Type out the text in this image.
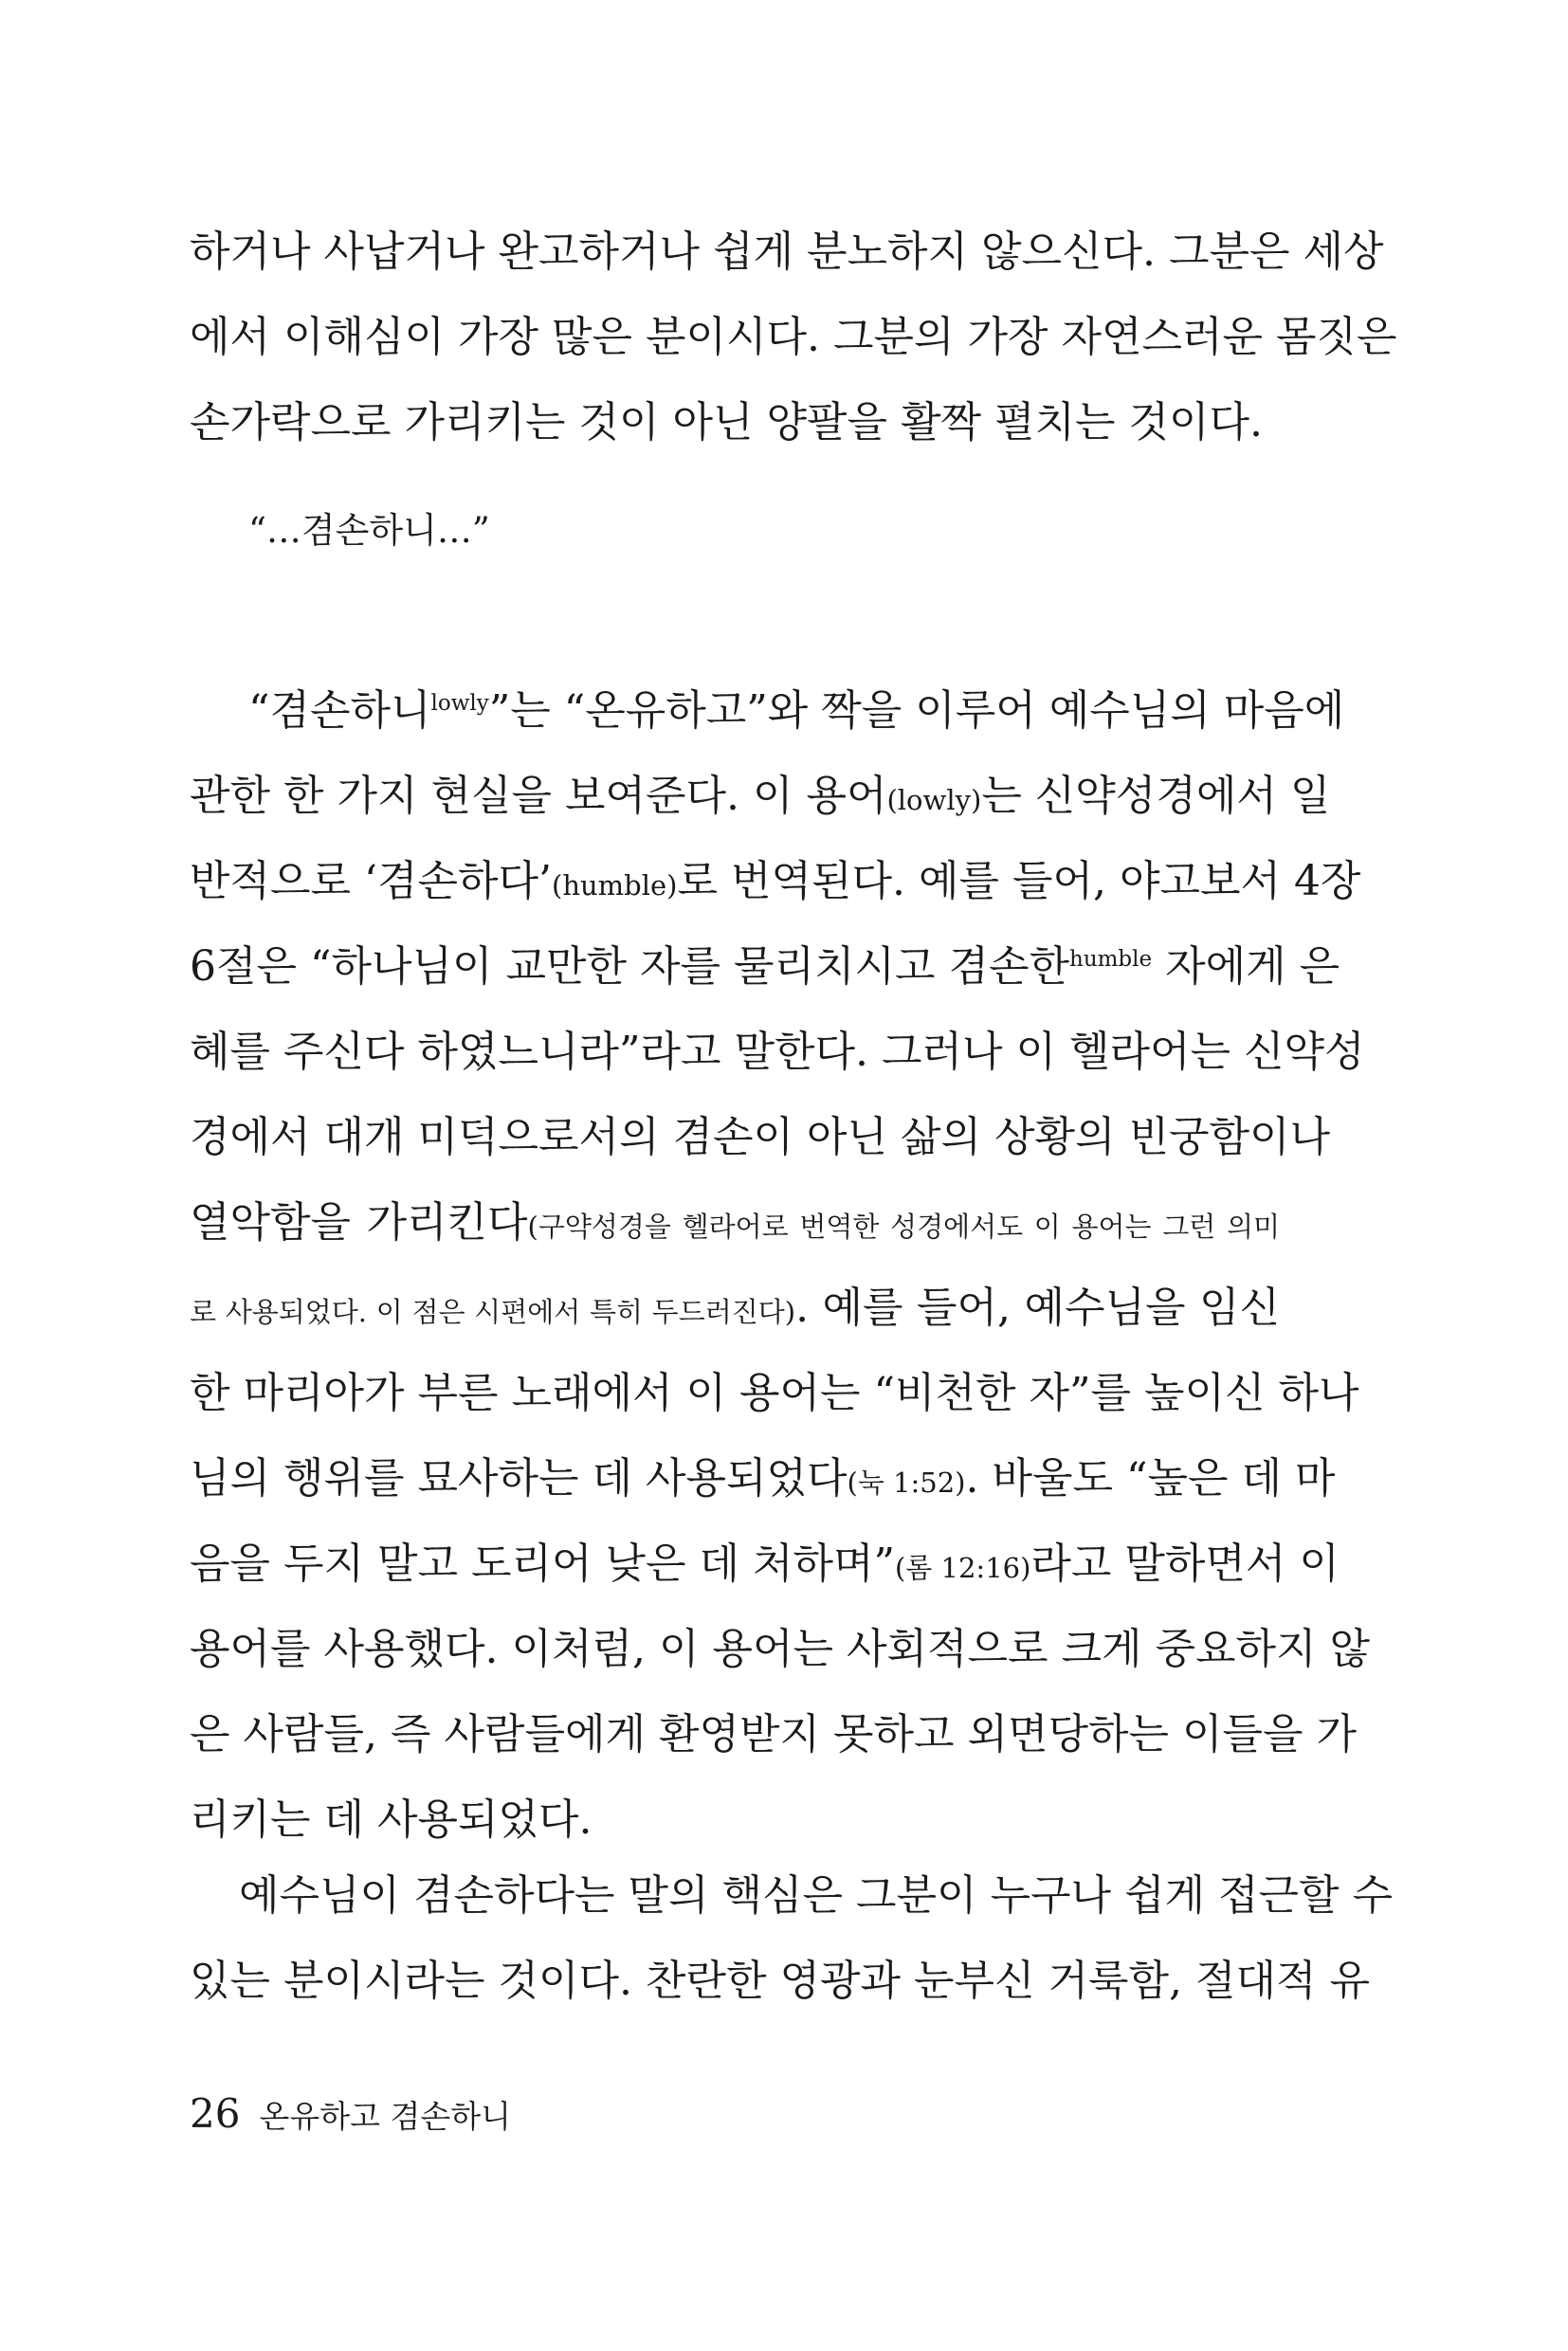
하거나 사납거나 완고하거나 쉽게 분노하지 않으신다. 그분은 세상
에서 이해심이 가장 많은 분이시다. 그분의 가장 자연스러운 몸짓은
손가락으로 가리키는 것이 아닌 양팔을 활짝 펼치는 것이다.
“…겸손하니…”
“겸손하니$^{lowly}$”는 “온유하고”와 짝을 이루어 예수님의 마음에
관한 한 가지 현실을 보여준다. 이 용어(lowly)는 신약성경에서 일
반적으로 ‘겸손하다’(humble)로 번역된다. 예를 들어, 야고보서 4장
6절은 “하나님이 교만한 자를 물리치시고 겸손한$^{humble}$ 자에게 은
혜를 주신다 하였느니라”라고 말한다. 그러나 이 헬라어는 신약성
경에서 대개 미덕으로서의 겸손이 아닌 삶의 상황의 빈궁함이나
열악함을 가리킨다(구약성경을 헬라어로 번역한 성경에서도 이 용어는 그런 의미
로 사용되었다. 이 점은 시편에서 특히 두드러진다). 예를 들어, 예수님을 임신
한 마리아가 부른 노래에서 이 용어는 “비천한 자”를 높이신 하나
님의 행위를 묘사하는 데 사용되었다(눅 1:52). 바울도 “높은 데 마
음을 두지 말고 도리어 낮은 데 처하며”(롬 12:16)라고 말하면서 이
용어를 사용했다. 이처럼, 이 용어는 사회적으로 크게 중요하지 않
은 사람들, 즉 사람들에게 환영받지 못하고 외면당하는 이들을 가
리키는 데 사용되었다.
예수님이 겸손하다는 말의 핵심은 그분이 누구나 쉽게 접근할 수
있는 분이시라는 것이다. 찬란한 영광과 눈부신 거룩함, 절대적 유
26 온유하고 겸손하니
